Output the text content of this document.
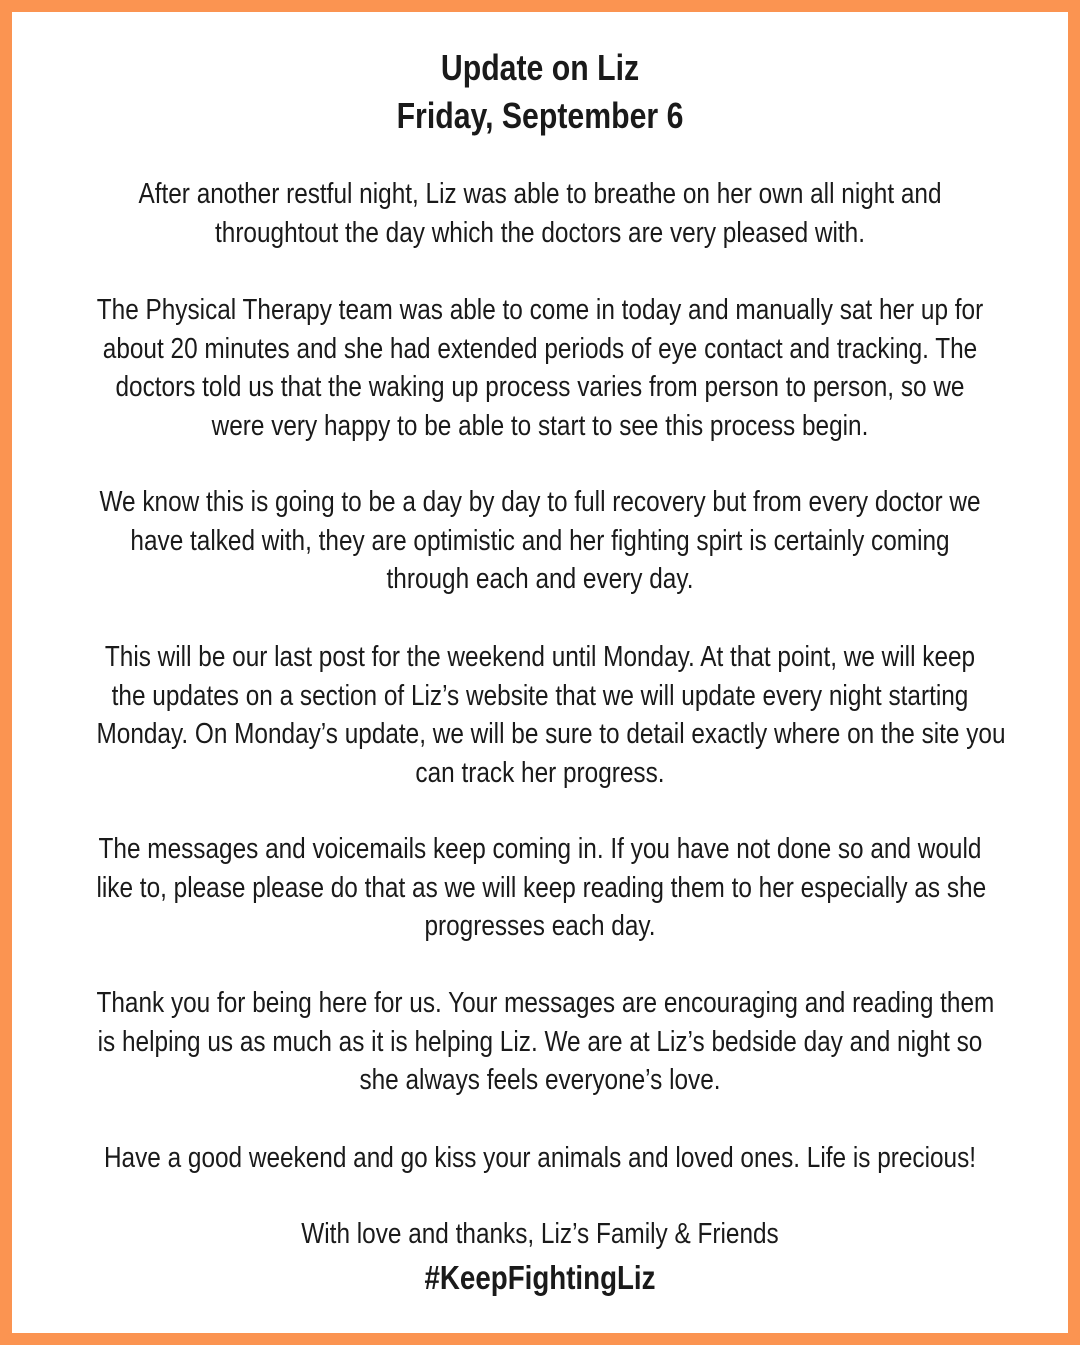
Update on Liz
Friday, September 6

After another restful night, Liz was able to breathe on her own all night and
throughtout the day which the doctors are very pleased with.

The Physical Therapy team was able to come in today and manually sat her up for
about 20 minutes and she had extended periods of eye contact and tracking. The
doctors told us that the waking up process varies from person to person, so we
were very happy to be able to start to see this process begin.

We know this is going to be a day by day to full recovery but from every doctor we
have talked with, they are optimistic and her fighting spirt is certainly coming
through each and every day.

This will be our last post for the weekend until Monday. At that point, we will keep
the updates on a section of Liz’s website that we will update every night starting
Monday. On Monday’s update, we will be sure to detail exactly where on the site you
can track her progress.

The messages and voicemails keep coming in. If you have not done so and would
like to, please please do that as we will keep reading them to her especially as she
progresses each day.

Thank you for being here for us. Your messages are encouraging and reading them
is helping us as much as it is helping Liz. We are at Liz’s bedside day and night so
she always feels everyone’s love.

Have a good weekend and go kiss your animals and loved ones. Life is precious!

With love and thanks, Liz’s Family & Friends

#KeepFightingLiz
